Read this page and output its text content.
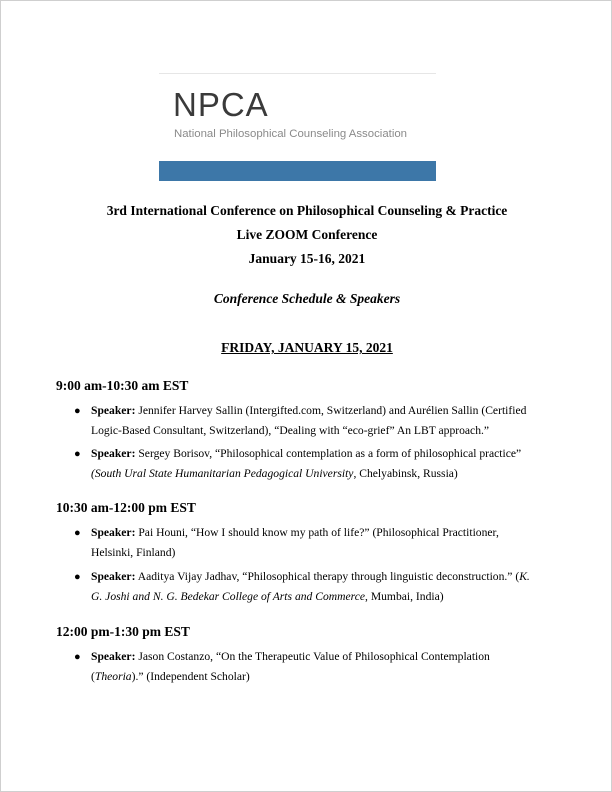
NPCA
National Philosophical Counseling Association
3rd International Conference on Philosophical Counseling & Practice
Live ZOOM Conference
January 15-16, 2021
Conference Schedule & Speakers
FRIDAY, JANUARY 15, 2021
9:00 am-10:30 am EST
● Speaker: Jennifer Harvey Sallin (Intergifted.com, Switzerland) and Aurélien Sallin (Certified
Logic-Based Consultant, Switzerland), “Dealing with “eco-grief” An LBT approach.”
● Speaker: Sergey Borisov, “Philosophical contemplation as a form of philosophical practice”
(South Ural State Humanitarian Pedagogical University, Chelyabinsk, Russia)
10:30 am-12:00 pm EST
● Speaker: Pai Houni, “How I should know my path of life?” (Philosophical Practitioner,
Helsinki, Finland)
● Speaker: Aaditya Vijay Jadhav, “Philosophical therapy through linguistic deconstruction.” (K.
G. Joshi and N. G. Bedekar College of Arts and Commerce, Mumbai, India)
12:00 pm-1:30 pm EST
● Speaker: Jason Costanzo, “On the Therapeutic Value of Philosophical Contemplation
(Theoria).” (Independent Scholar)
